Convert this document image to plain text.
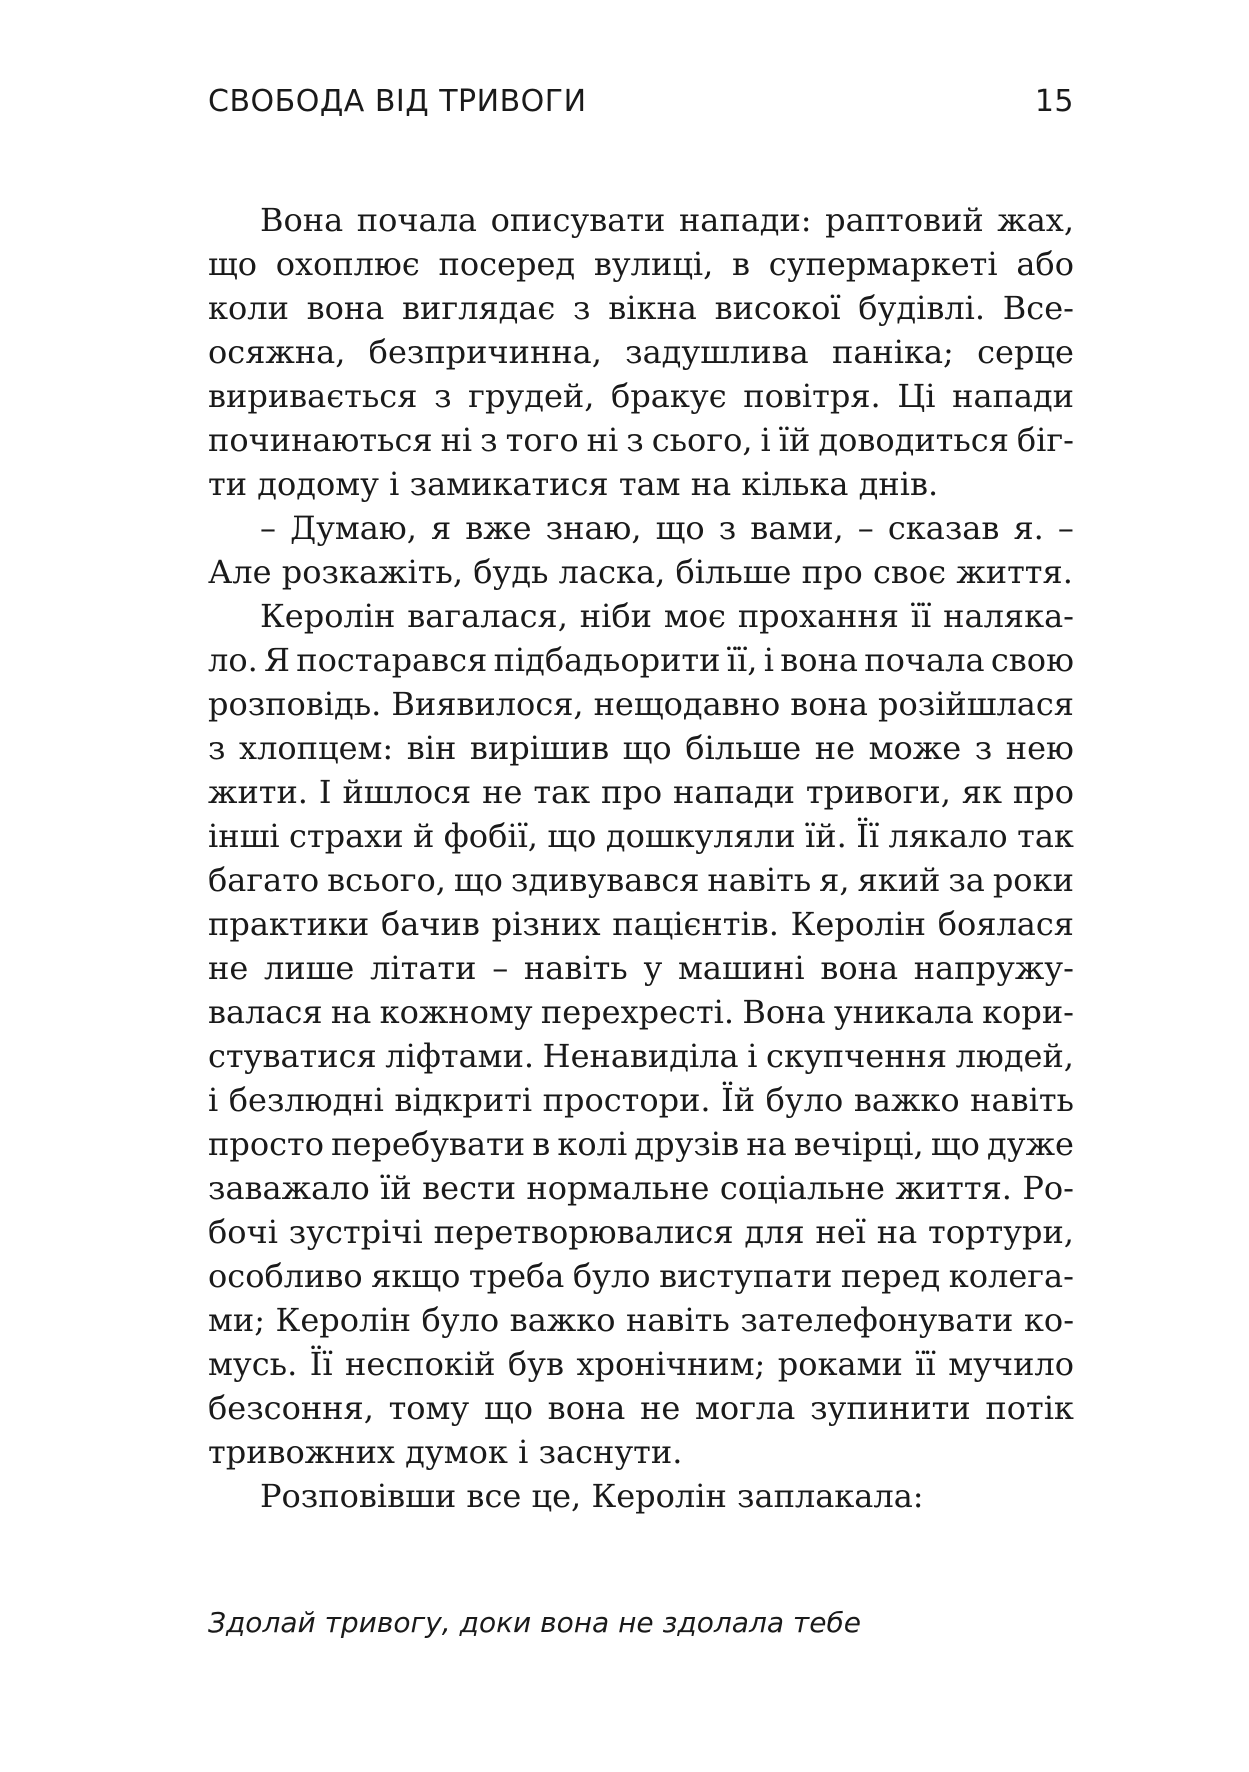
СВОБОДА ВІД ТРИВОГИ	15
Вона почала описувати напади: раптовий жах,
що охоплює посеред вулиці, в супермаркеті або
коли вона виглядає з вікна високої будівлі. Все-
осяжна, безпричинна, задушлива паніка; серце
виривається з грудей, бракує повітря. Ці напади
починаються ні з того ні з сього, і їй доводиться біг-
ти додому і замикатися там на кілька днів.
– Думаю, я вже знаю, що з вами, – сказав я. –
Але розкажіть, будь ласка, більше про своє життя.
Керолін вагалася, ніби моє прохання її налякa-
ло. Я постарався підбадьорити її, і вона почала свою
розповідь. Виявилося, нещодавно вона розійшлася
з хлопцем: він вирішив що більше не може з нею
жити. І йшлося не так про напади тривоги, як про
інші страхи й фобії, що дошкуляли їй. Її лякало так
багато всього, що здивувався навіть я, який за роки
практики бачив різних пацієнтів. Керолін боялася
не лише літати – навіть у машині вона напружу-
валася на кожному перехресті. Вона уникала кори-
стуватися ліфтами. Ненавиділа і скупчення людей,
і безлюдні відкриті простори. Їй було важко навіть
просто перебувати в колі друзів на вечірці, що дуже
заважало їй вести нормальне соціальне життя. Ро-
бочі зустрічі перетворювалися для неї на тортури,
особливо якщо треба було виступати перед колега-
ми; Керолін було важко навіть зателефонувати ко-
мусь. Її неспокій був хронічним; роками її мучило
безсоння, тому що вона не могла зупинити потік
тривожних думок і заснути.
Розповівши все це, Керолін заплакала:
Здолай тривогу, доки вона не здолала тебе
